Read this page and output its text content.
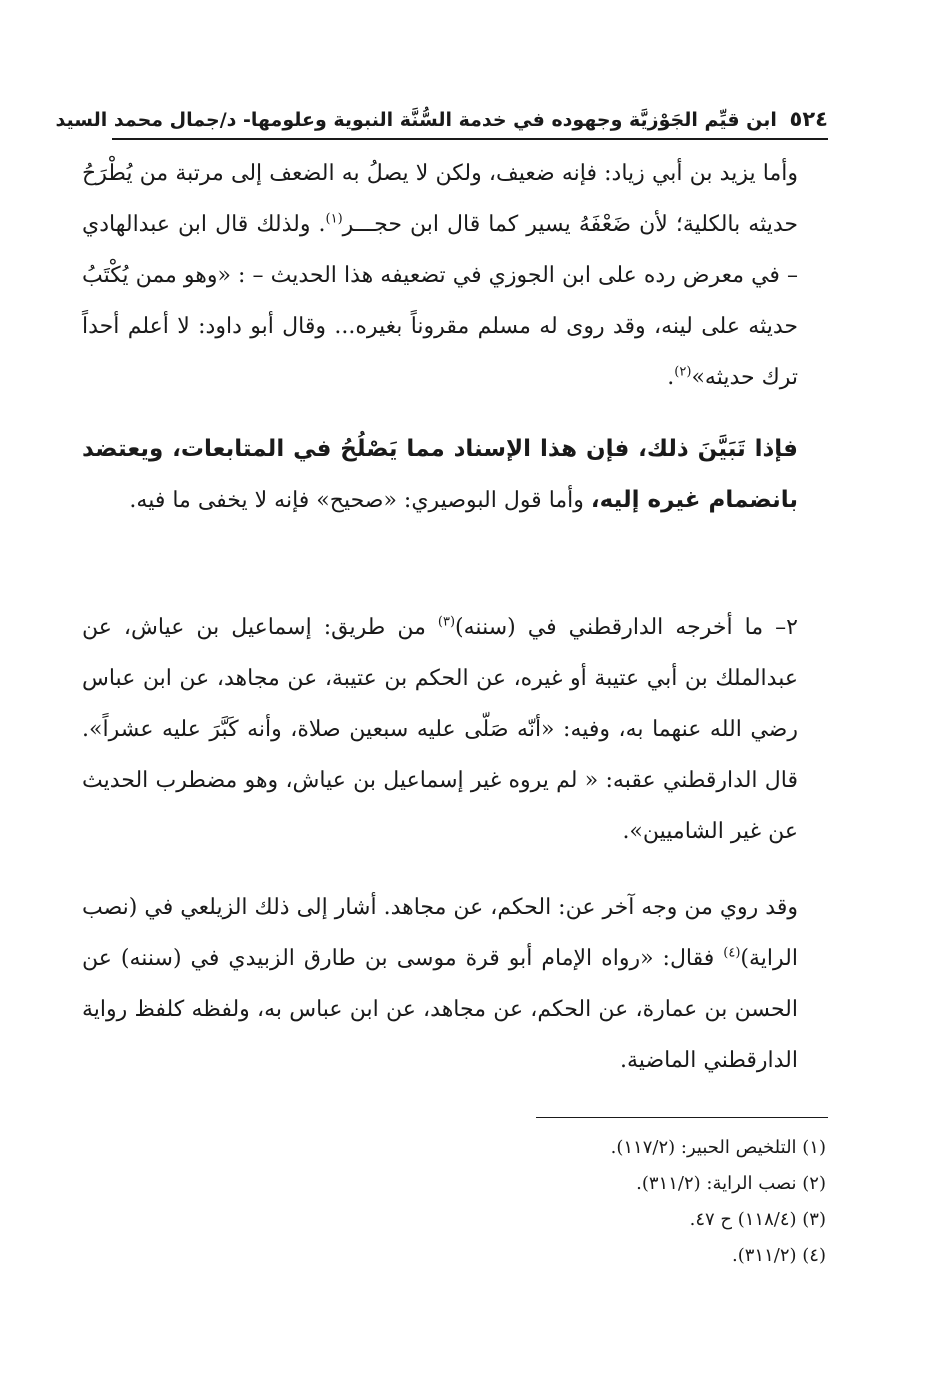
٥٢٤ ابن قيِّم الجَوْزيَّة وجهوده في خدمة السُّنَّة النبوية وعلومها- د/جمال محمد السيد
وأما يزيد بن أبي زياد: فإنه ضعيف، ولكن لا يصلُ به الضعف إلى مرتبة من يُطْرَحُ حديثه بالكلية؛ لأن ضَعْفَهُ يسير كما قال ابن حجـــر$^{(١)}$. ولذلك قال ابن عبدالهادي – في معرض رده على ابن الجوزي في تضعيفه هذا الحديث – : «وهو ممن يُكْتَبُ حديثه على لينه، وقد روى له مسلم مقروناً بغيره... وقال أبو داود: لا أعلم أحداً ترك حديثه»$^{(٢)}$.
فإذا تَبَيَّنَ ذلك، فإن هذا الإسناد مما يَصْلُحُ في المتابعات، ويعتضد بانضمام غيره إليه، وأما قول البوصيري: «صحيح» فإنه لا يخفى ما فيه.
٢– ما أخرجه الدارقطني في (سننه)$^{(٣)}$ من طريق: إسماعيل بن عياش، عن عبدالملك بن أبي عتيبة أو غيره، عن الحكم بن عتيبة، عن مجاهد، عن ابن عباس رضي الله عنهما به، وفيه: «أنّه صَلّى عليه سبعين صلاة، وأنه كَبَّرَ عليه عشراً». قال الدارقطني عقبه: « لم يروه غير إسماعيل بن عياش، وهو مضطرب الحديث عن غير الشاميين».
وقد روي من وجه آخر عن: الحكم، عن مجاهد. أشار إلى ذلك الزيلعي في (نصب الراية)$^{(٤)}$ فقال: «رواه الإمام أبو قرة موسى بن طارق الزبيدي في (سننه) عن الحسن بن عمارة، عن الحكم، عن مجاهد، عن ابن عباس به، ولفظه كلفظ رواية الدارقطني الماضية.
(١) التلخيص الحبير: (١١٧/٢).
(٢) نصب الراية: (٣١١/٢).
(٣) (١١٨/٤) ح ٤٧.
(٤) (٣١١/٢).
